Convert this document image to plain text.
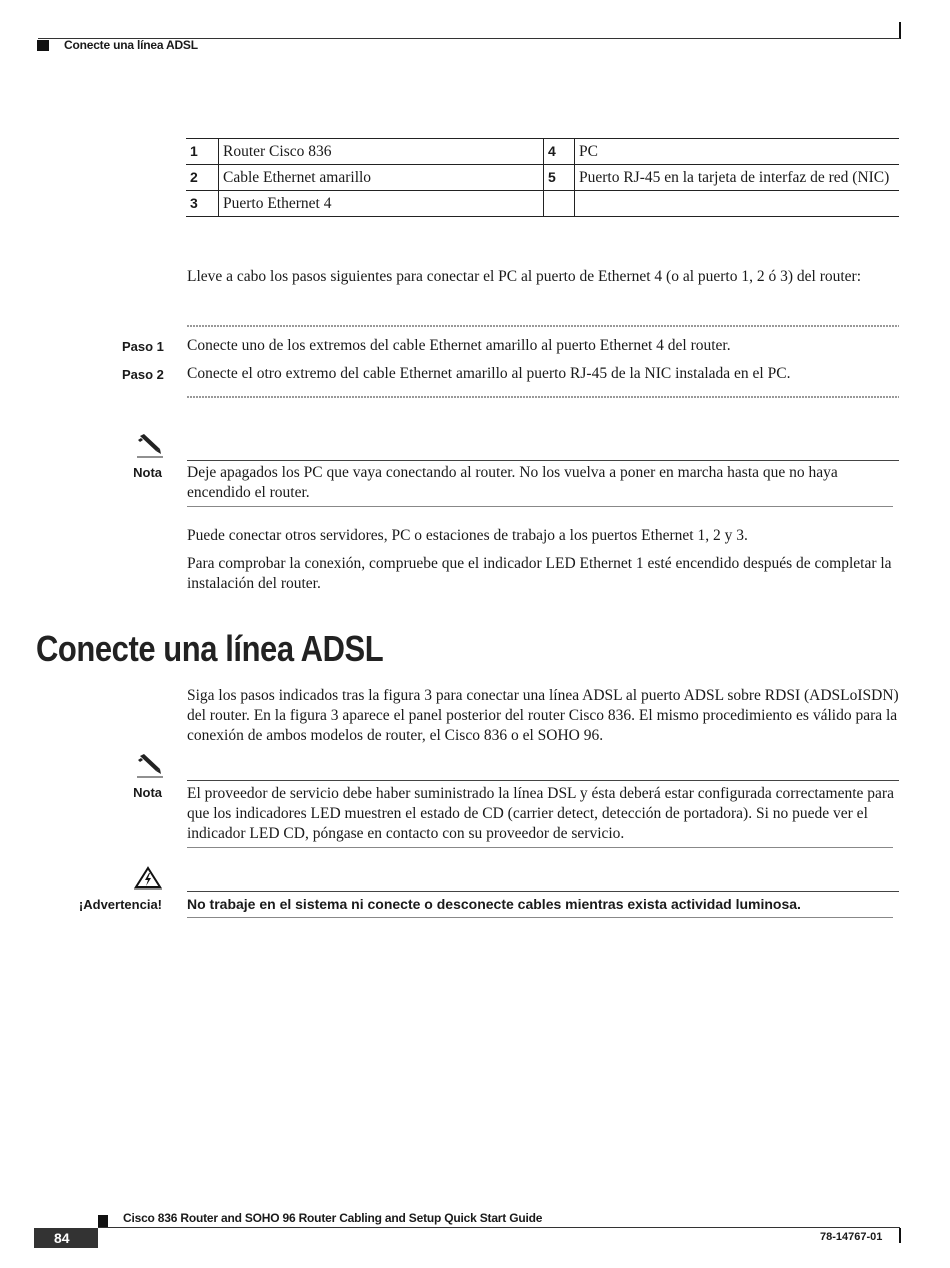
Conecte una línea ADSL
1	Router Cisco 836	4	PC
2	Cable Ethernet amarillo	5	Puerto RJ-45 en la tarjeta de interfaz de red (NIC)
3	Puerto Ethernet 4		
Lleve a cabo los pasos siguientes para conectar el PC al puerto de Ethernet 4 (o al puerto 1, 2 ó 3) del router:
Paso 1 Conecte uno de los extremos del cable Ethernet amarillo al puerto Ethernet 4 del router.
Paso 2 Conecte el otro extremo del cable Ethernet amarillo al puerto RJ-45 de la NIC instalada en el PC.
Nota Deje apagados los PC que vaya conectando al router. No los vuelva a poner en marcha hasta que no haya encendido el router.
Puede conectar otros servidores, PC o estaciones de trabajo a los puertos Ethernet 1, 2 y 3.
Para comprobar la conexión, compruebe que el indicador LED Ethernet 1 esté encendido después de completar la instalación del router.
Conecte una línea ADSL
Siga los pasos indicados tras la figura 3 para conectar una línea ADSL al puerto ADSL sobre RDSI (ADSLoISDN) del router. En la figura 3 aparece el panel posterior del router Cisco 836. El mismo procedimiento es válido para la conexión de ambos modelos de router, el Cisco 836 o el SOHO 96.
Nota El proveedor de servicio debe haber suministrado la línea DSL y ésta deberá estar configurada correctamente para que los indicadores LED muestren el estado de CD (carrier detect, detección de portadora). Si no puede ver el indicador LED CD, póngase en contacto con su proveedor de servicio.
¡Advertencia! No trabaje en el sistema ni conecte o desconecte cables mientras exista actividad luminosa.
Cisco 836 Router and SOHO 96 Router Cabling and Setup Quick Start Guide
84	78-14767-01
